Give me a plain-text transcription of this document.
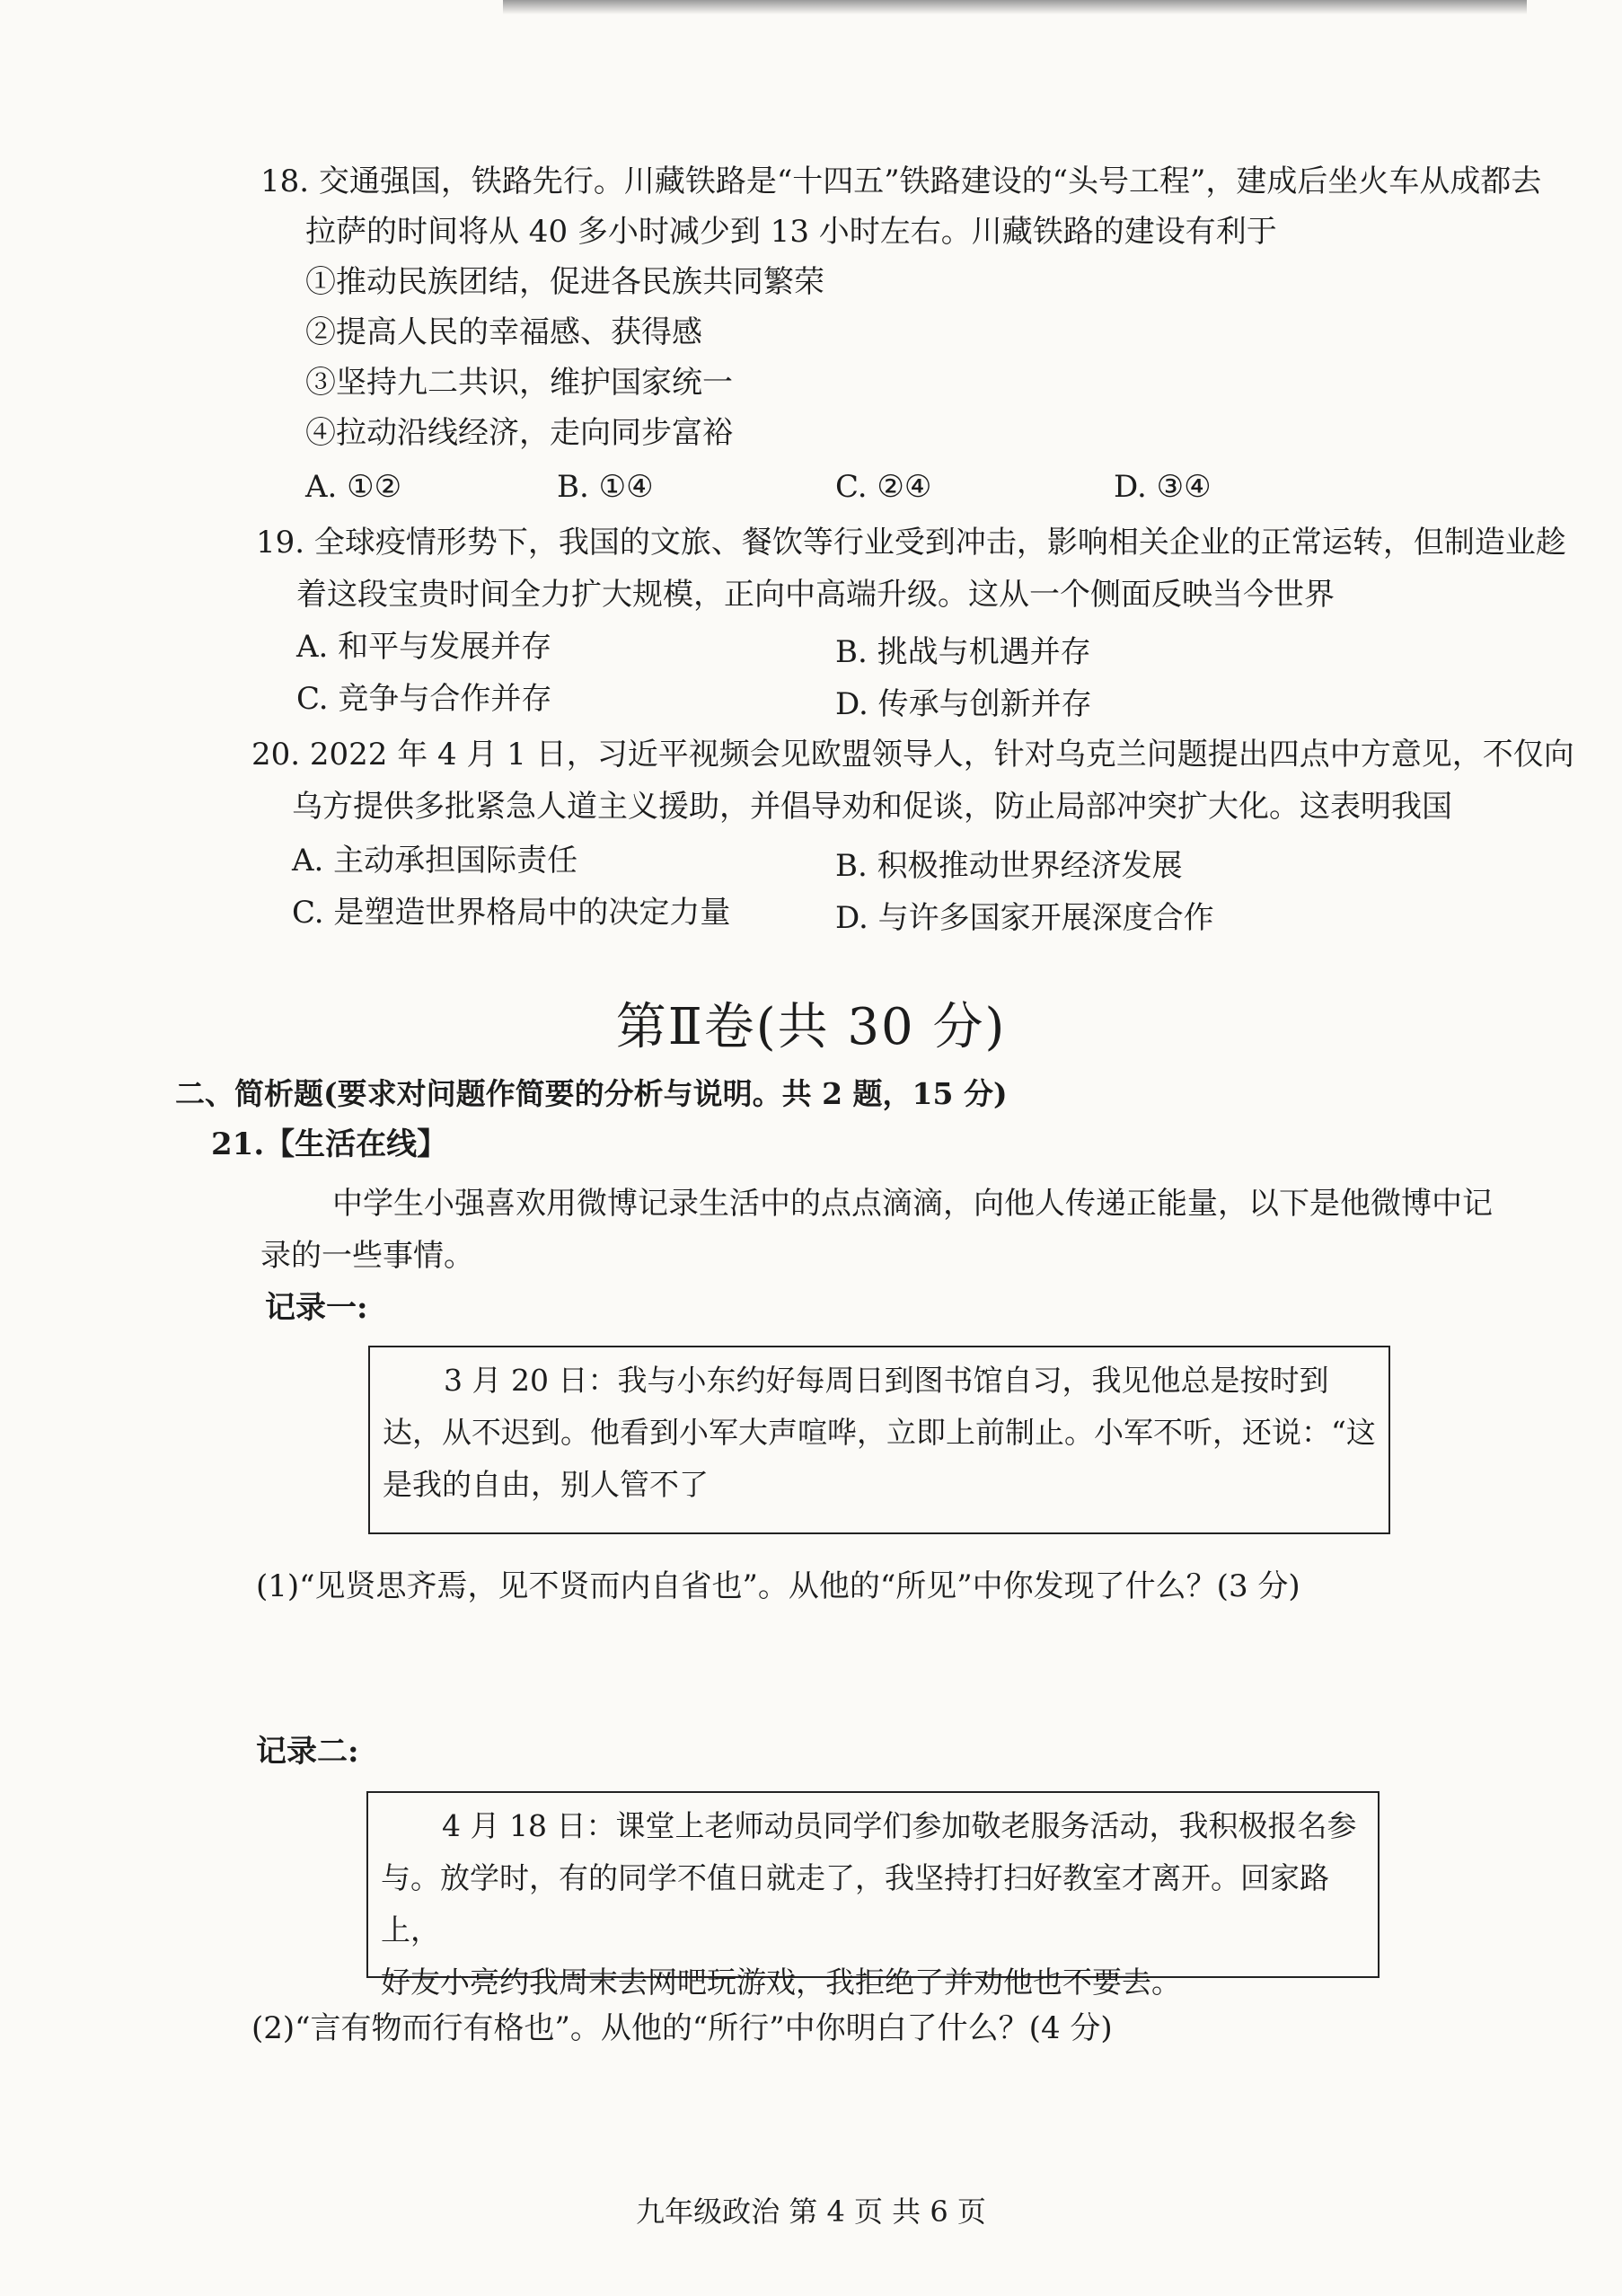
18. 交通强国，铁路先行。川藏铁路是“十四五”铁路建设的“头号工程”，建成后坐火车从成都去
拉萨的时间将从 40 多小时减少到 13 小时左右。川藏铁路的建设有利于
①推动民族团结，促进各民族共同繁荣
②提高人民的幸福感、获得感
③坚持九二共识，维护国家统一
④拉动沿线经济，走向同步富裕
A. ①②	B. ①④	C. ②④	D. ③④
19. 全球疫情形势下，我国的文旅、餐饮等行业受到冲击，影响相关企业的正常运转，但制造业趁
着这段宝贵时间全力扩大规模，正向中高端升级。这从一个侧面反映当今世界
A. 和平与发展并存	B. 挑战与机遇并存
C. 竞争与合作并存	D. 传承与创新并存
20. 2022 年 4 月 1 日，习近平视频会见欧盟领导人，针对乌克兰问题提出四点中方意见，不仅向
乌方提供多批紧急人道主义援助，并倡导劝和促谈，防止局部冲突扩大化。这表明我国
A. 主动承担国际责任	B. 积极推动世界经济发展
C. 是塑造世界格局中的决定力量	D. 与许多国家开展深度合作
第Ⅱ卷(共 30 分)
二、简析题(要求对问题作简要的分析与说明。共 2 题，15 分)
21.【生活在线】
中学生小强喜欢用微博记录生活中的点点滴滴，向他人传递正能量，以下是他微博中记
录的一些事情。
记录一:

3 月 20 日：我与小东约好每周日到图书馆自习，我见他总是按时到

达，从不迟到。他看到小军大声喧哗，立即上前制止。小军不听，还说：“这

是我的自由，别人管不了

(1)“见贤思齐焉，见不贤而内自省也”。从他的“所见”中你发现了什么？(3 分)
记录二:

4 月 18 日：课堂上老师动员同学们参加敬老服务活动，我积极报名参

与。放学时，有的同学不值日就走了，我坚持打扫好教室才离开。回家路上，

好友小亮约我周末去网吧玩游戏，我拒绝了并劝他也不要去。

(2)“言有物而行有格也”。从他的“所行”中你明白了什么？(4 分)
九年级政治 第 4 页 共 6 页
